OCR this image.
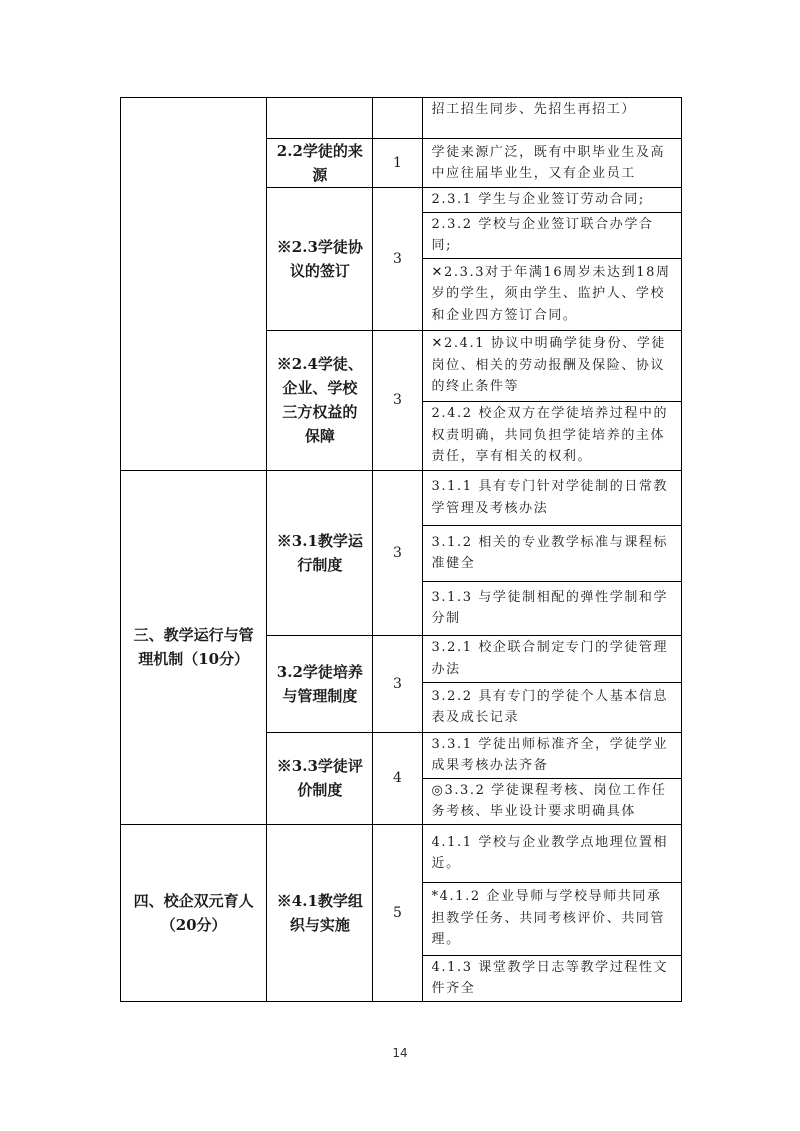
			招工招生同步、先招生再招工）
	2.2学徒的来源	1	学徒来源广泛，既有中职毕业生及高中应往届毕业生，又有企业员工
	※2.3学徒协议的签订	3	2.3.1 学生与企业签订劳动合同;
			2.3.2 学校与企业签订联合办学合同;
			✕2.3.3对于年满16周岁未达到18周岁的学生，须由学生、监护人、学校和企业四方签订合同。
	※2.4学徒、企业、学校三方权益的保障	3	✕2.4.1 协议中明确学徒身份、学徒岗位、相关的劳动报酬及保险、协议的终止条件等
			2.4.2 校企双方在学徒培养过程中的权责明确，共同负担学徒培养的主体责任，享有相关的权利。
三、教学运行与管理机制（10分）	※3.1教学运行制度	3	3.1.1 具有专门针对学徒制的日常教学管理及考核办法
			3.1.2 相关的专业教学标准与课程标准健全
			3.1.3 与学徒制相配的弹性学制和学分制
	3.2学徒培养与管理制度	3	3.2.1 校企联合制定专门的学徒管理办法
			3.2.2 具有专门的学徒个人基本信息表及成长记录
	※3.3学徒评价制度	4	3.3.1 学徒出师标准齐全，学徒学业成果考核办法齐备
			◎3.3.2 学徒课程考核、岗位工作任务考核、毕业设计要求明确具体
四、校企双元育人（20分）	※4.1教学组织与实施	5	4.1.1 学校与企业教学点地理位置相近。
			*4.1.2 企业导师与学校导师共同承担教学任务、共同考核评价、共同管理。
			4.1.3 课堂教学日志等教学过程性文件齐全
14
